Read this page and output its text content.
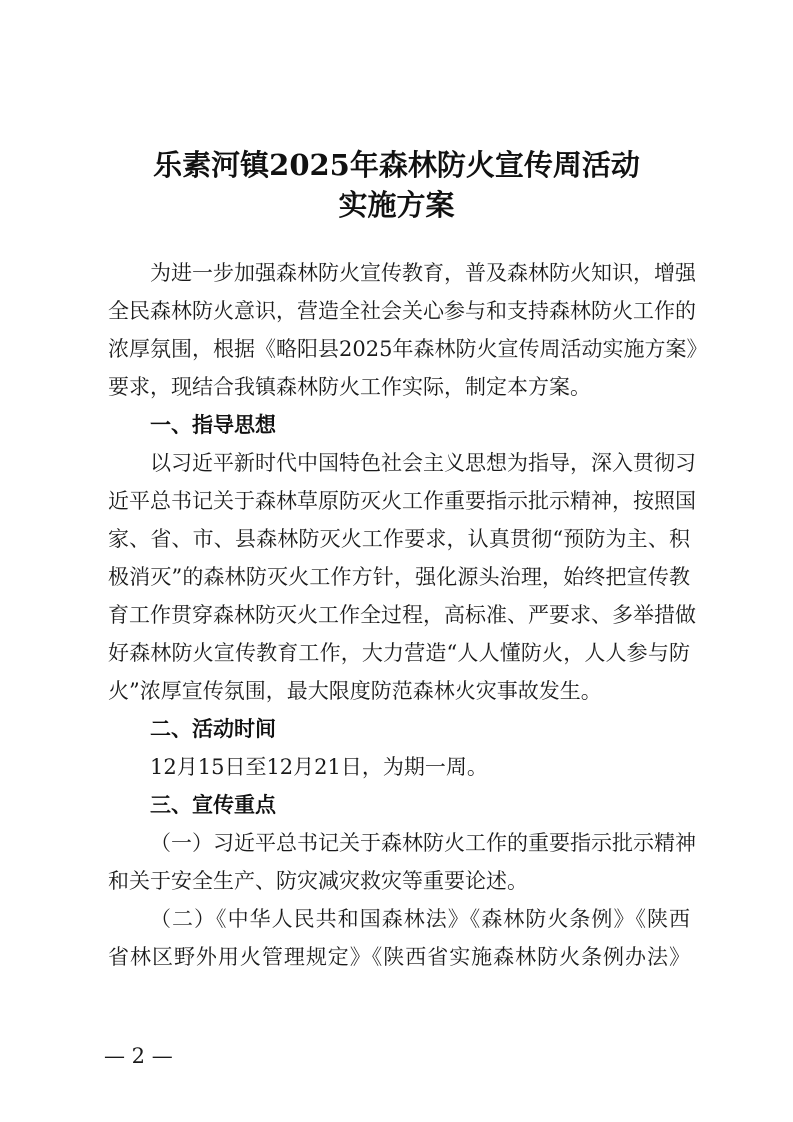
乐素河镇2025年森林防火宣传周活动
实施方案
为进一步加强森林防火宣传教育，普及森林防火知识，增强
全民森林防火意识，营造全社会关心参与和支持森林防火工作的
浓厚氛围，根据《略阳县2025年森林防火宣传周活动实施方案》
要求，现结合我镇森林防火工作实际，制定本方案。
一、指导思想
以习近平新时代中国特色社会主义思想为指导，深入贯彻习
近平总书记关于森林草原防灭火工作重要指示批示精神，按照国
家、省、市、县森林防灭火工作要求，认真贯彻“预防为主、积
极消灭”的森林防灭火工作方针，强化源头治理，始终把宣传教
育工作贯穿森林防灭火工作全过程，高标准、严要求、多举措做
好森林防火宣传教育工作，大力营造“人人懂防火，人人参与防
火”浓厚宣传氛围，最大限度防范森林火灾事故发生。
二、活动时间
12月15日至12月21日，为期一周。
三、宣传重点
（一）习近平总书记关于森林防火工作的重要指示批示精神
和关于安全生产、防灾减灾救灾等重要论述。
（二）《中华人民共和国森林法》《森林防火条例》《陕西
省林区野外用火管理规定》《陕西省实施森林防火条例办法》
— 2 —
